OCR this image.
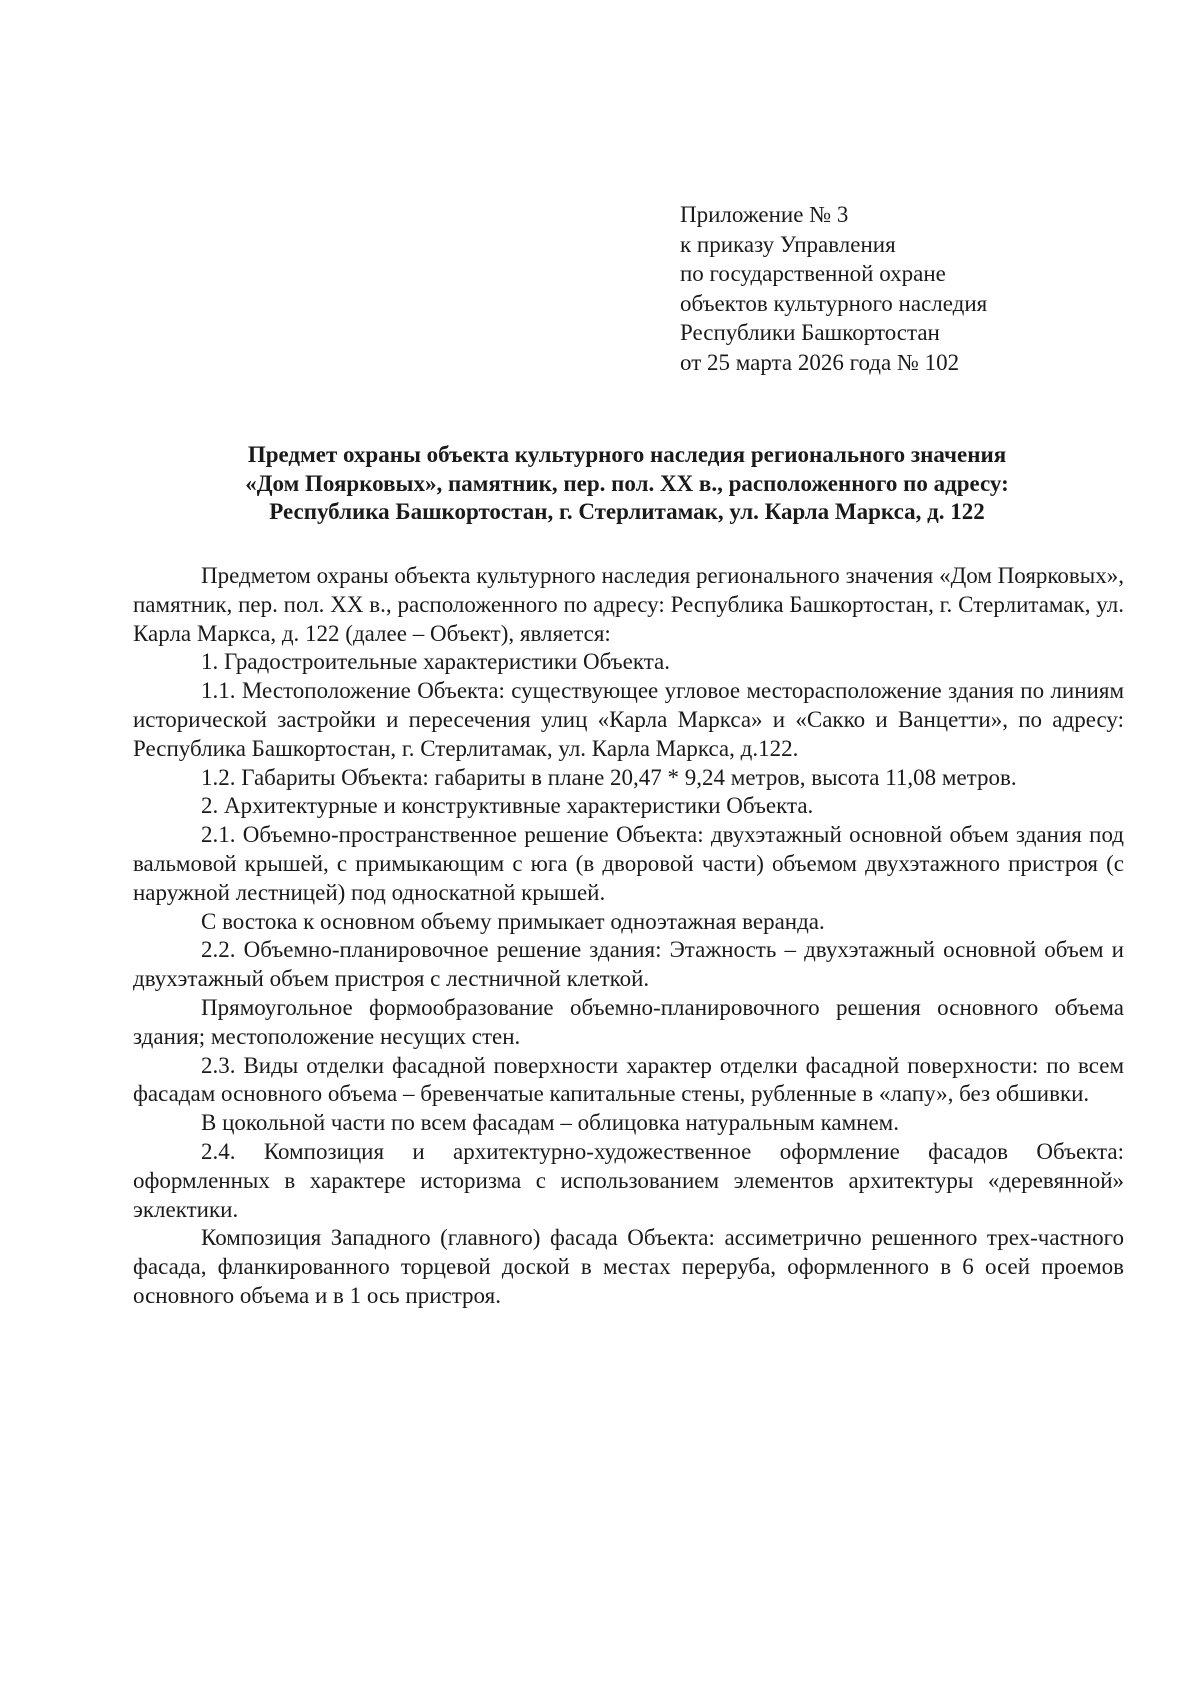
Приложение № 3
к приказу Управления
по государственной охране
объектов культурного наследия
Республики Башкортостан
от 25 марта 2026 года № 102
Предмет охраны объекта культурного наследия регионального значения
«Дом Поярковых», памятник, пер. пол. XX в., расположенного по адресу:
Республика Башкортостан, г. Стерлитамак, ул. Карла Маркса, д. 122

Предметом охраны объекта культурного наследия регионального значения «Дом Поярковых», памятник, пер. пол. XX в., расположенного по адресу: Республика Башкортостан, г. Стерлитамак, ул. Карла Маркса, д. 122 (далее – Объект), является:

1. Градостроительные характеристики Объекта.

1.1. Местоположение Объекта: существующее угловое месторасположение здания по линиям исторической застройки и пересечения улиц «Карла Маркса» и «Сакко и Ванцетти», по адресу: Республика Башкортостан, г. Стерлитамак, ул. Карла Маркса, д.122.

1.2. Габариты Объекта: габариты в плане 20,47 * 9,24 метров, высота 11,08 метров.

2. Архитектурные и конструктивные характеристики Объекта.

2.1. Объемно-пространственное решение Объекта: двухэтажный основной объем здания под вальмовой крышей, с примыкающим с юга (в дворовой части) объемом двухэтажного пристроя (с наружной лестницей) под односкатной крышей.

С востока к основном объему примыкает одноэтажная веранда.

2.2. Объемно-планировочное решение здания: Этажность – двухэтажный основной объем и двухэтажный объем пристроя с лестничной клеткой.

Прямоугольное формообразование объемно-планировочного решения основного объема здания; местоположение несущих стен.

2.3. Виды отделки фасадной поверхности характер отделки фасадной поверхности: по всем фасадам основного объема – бревенчатые капитальные стены, рубленные в «лапу», без обшивки.

В цокольной части по всем фасадам – облицовка натуральным камнем.

2.4. Композиция и архитектурно-художественное оформление фасадов Объекта: оформленных в характере историзма с использованием элементов архитектуры «деревянной» эклектики.

Композиция Западного (главного) фасада Объекта: ассиметрично решенного трех-частного фасада, фланкированного торцевой доской в местах переруба, оформленного в 6 осей проемов основного объема и в 1 ось пристроя.
